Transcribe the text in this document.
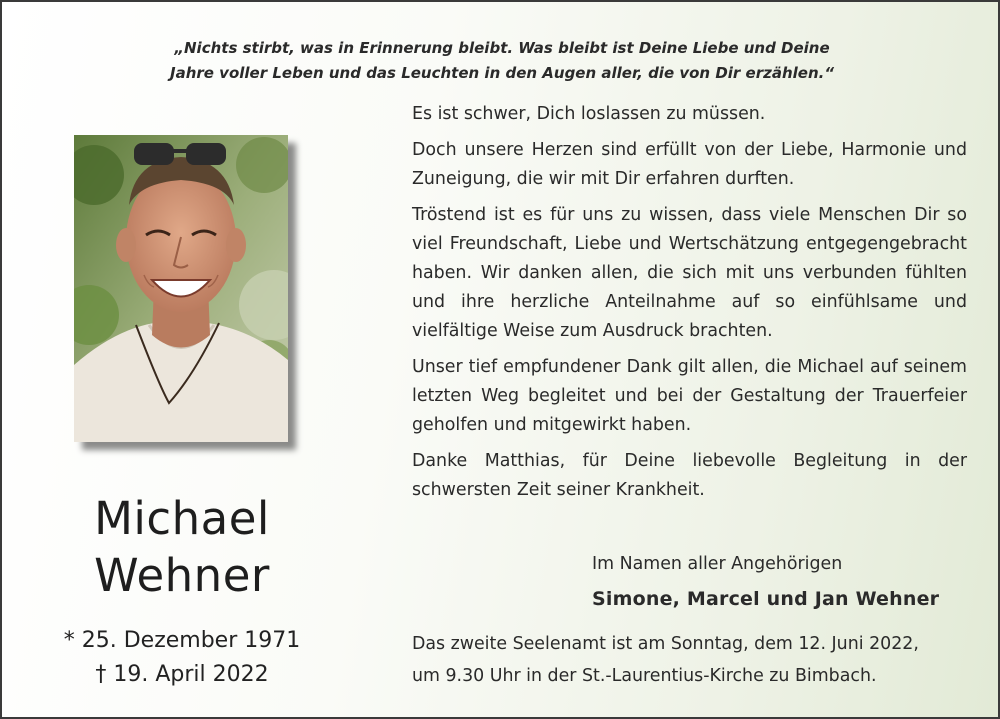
„Nichts stirbt, was in Erinnerung bleibt. Was bleibt ist Deine Liebe und Deine
Jahre voller Leben und das Leuchten in den Augen aller, die von Dir erzählen.“
Michael
Wehner
* 25. Dezember 1971
† 19. April 2022

Es ist schwer, Dich loslassen zu müssen.

Doch unsere Herzen sind erfüllt von der Liebe, Harmonie und Zuneigung, die wir mit Dir erfahren durften.

Tröstend ist es für uns zu wissen, dass viele Menschen Dir so viel Freundschaft, Liebe und Wertschätzung entgegengebracht haben. Wir danken allen, die sich mit uns verbunden fühlten und ihre herzliche Anteilnahme auf so einfühlsame und vielfältige Weise zum Ausdruck brachten.

Unser tief empfundener Dank gilt allen, die Michael auf seinem letzten Weg begleitet und bei der Gestaltung der Trauerfeier geholfen und mitgewirkt haben.

Danke Matthias, für Deine liebevolle Begleitung in der schwersten Zeit seiner Krankheit.

Im Namen aller Angehörigen
Simone, Marcel und Jan Wehner
Das zweite Seelenamt ist am Sonntag, dem 12. Juni 2022,
um 9.30 Uhr in der St.-Laurentius-Kirche zu Bimbach.
